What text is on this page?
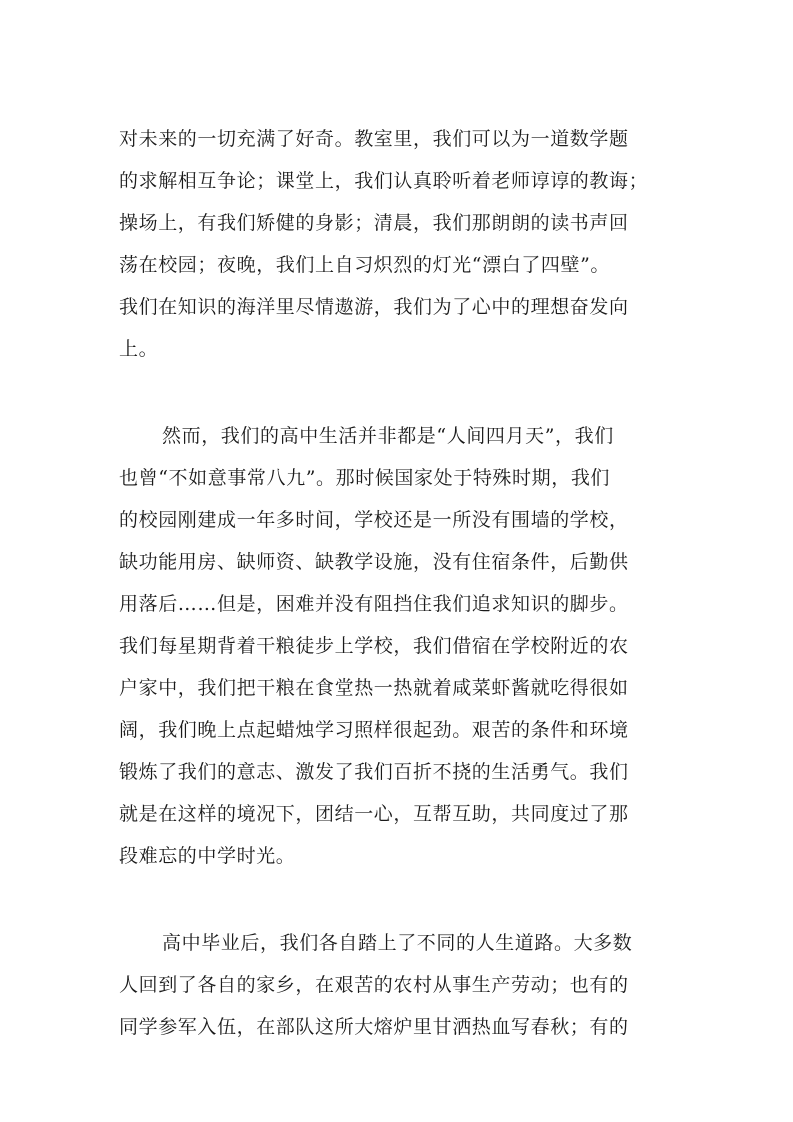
对未来的一切充满了好奇。教室里，我们可以为一道数学题
的求解相互争论；课堂上，我们认真聆听着老师谆谆的教诲；
操场上，有我们矫健的身影；清晨，我们那朗朗的读书声回
荡在校园；夜晚，我们上自习炽烈的灯光“漂白了四壁”。
我们在知识的海洋里尽情遨游，我们为了心中的理想奋发向
上。
然而，我们的高中生活并非都是“人间四月天”，我们
也曾“不如意事常八九”。那时候国家处于特殊时期，我们
的校园刚建成一年多时间，学校还是一所没有围墙的学校，
缺功能用房、缺师资、缺教学设施，没有住宿条件，后勤供
用落后……但是，困难并没有阻挡住我们追求知识的脚步。
我们每星期背着干粮徒步上学校，我们借宿在学校附近的农
户家中，我们把干粮在食堂热一热就着咸菜虾酱就吃得很如
阔，我们晚上点起蜡烛学习照样很起劲。艰苦的条件和环境
锻炼了我们的意志、激发了我们百折不挠的生活勇气。我们
就是在这样的境况下，团结一心，互帮互助，共同度过了那
段难忘的中学时光。
高中毕业后，我们各自踏上了不同的人生道路。大多数
人回到了各自的家乡，在艰苦的农村从事生产劳动；也有的
同学参军入伍，在部队这所大熔炉里甘洒热血写春秋；有的
